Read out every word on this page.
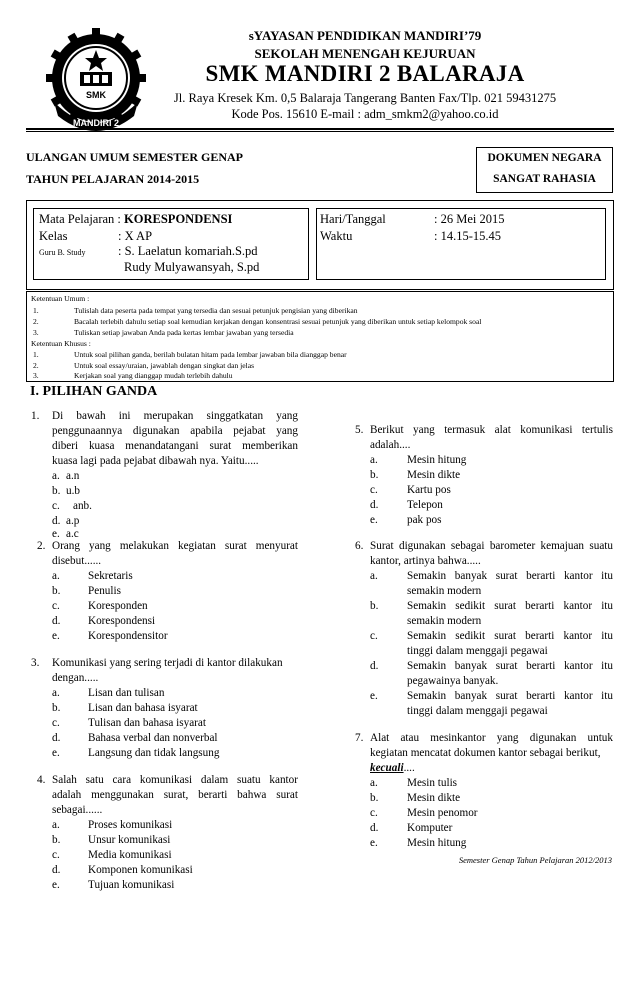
SMK
MANDIRI 2
sYAYASAN PENDIDIKAN MANDIRI’79
SEKOLAH MENENGAH KEJURUAN
SMK MANDIRI 2 BALARAJA
Jl. Raya Kresek Km. 0,5 Balaraja Tangerang Banten Fax/Tlp. 021 59431275
Kode Pos. 15610 E-mail : adm_smkm2@yahoo.co.id
ULANGAN UMUM SEMESTER GENAP
TAHUN PELAJARAN 2014-2015
DOKUMEN NEGARA
SANGAT RAHASIA
Mata Pelajaran : KORESPONDENSI
Kelas	: X AP
Guru B. Study	: S. Laelatun komariah.S.pd
Rudy Mulyawansyah, S.pd
Hari/Tanggal	: 26 Mei 2015
Waktu	: 14.15-15.45
Ketentuan Umum :
1.	Tulislah data peserta pada tempat yang tersedia dan sesuai petunjuk pengisian yang diberikan
2.	Bacalah terlebih dahulu setiap soal kemudian kerjakan dengan konsentrasi sesuai petunjuk yang diberikan untuk setiap kelompok soal
3.	Tuliskan setiap jawaban Anda pada kertas lembar jawaban yang tersedia
Ketentuan Khusus :
1.	Untuk soal pilihan ganda, berilah bulatan hitam pada lembar jawaban bila dianggap benar
2.	Untuk soal essay/uraian, jawablah dengan singkat dan jelas
3.	Kerjakan soal yang dianggap mudah terlebih dahulu
I. PILIHAN GANDA
1. Di bawah ini merupakan singgatkatan yang
penggunaannya digunakan apabila pejabat yang
diberi kuasa menandatangani surat memberikan
kuasa lagi pada pejabat dibawah nya. Yaitu.....
a. a.n
b. u.b
c. anb.
d. a.p
e. a.c
2. Orang yang melakukan kegiatan surat menyurat
disebut......
a.	Sekretaris
b. Penulis
c.	Koresponden
d. Korespondensi
e.	Korespondensitor
3. Komunikasi yang sering terjadi di kantor dilakukan
dengan.....
a.	Lisan dan tulisan
b. Lisan dan bahasa isyarat
c.	Tulisan dan bahasa isyarat
d. Bahasa verbal dan nonverbal
e.	Langsung dan tidak langsung
4. Salah satu cara komunikasi dalam suatu kantor
adalah menggunakan surat, berarti bahwa surat
sebagai......
a.	Proses komunikasi
b. Unsur komunikasi
c.	Media komunikasi
d. Komponen komunikasi
e.	Tujuan komunikasi
5. Berikut yang termasuk alat komunikasi tertulis
adalah....
a.	Mesin hitung
b.	Mesin dikte
c.	Kartu pos
d.	Telepon
e.	pak pos
6. Surat digunakan sebagai barometer kemajuan suatu
kantor, artinya bahwa.....
a.	Semakin banyak surat berarti kantor itu
semakin modern
b.	Semakin sedikit surat berarti kantor itu
semakin modern
c.	Semakin sedikit surat berarti kantor itu
tinggi dalam menggaji pegawai
d.	Semakin banyak surat berarti kantor itu
pegawainya banyak.
e.	Semakin banyak surat berarti kantor itu
tinggi dalam menggaji pegawai
7. Alat atau mesinkantor yang digunakan untuk
kegiatan mencatat dokumen kantor sebagai berikut,
kecuali....
a.	Mesin tulis
b.	Mesin dikte
c.	Mesin penomor
d.	Komputer
e.	Mesin hitung
Semester Genap Tahun Pelajaran 2012/2013
